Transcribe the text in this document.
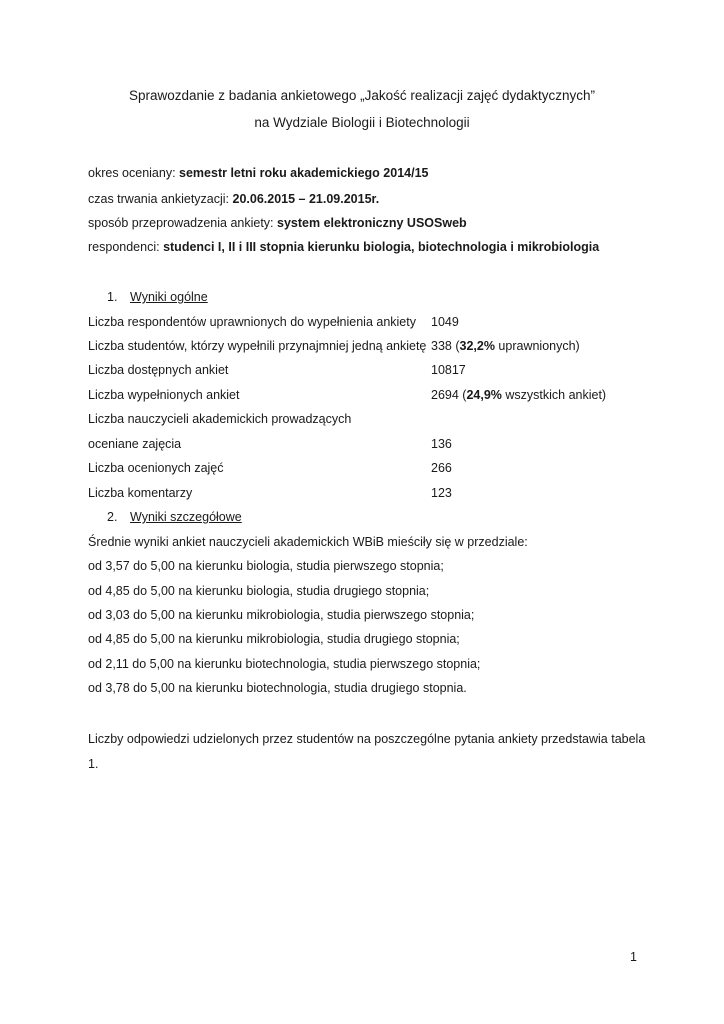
Sprawozdanie z badania ankietowego „Jakość realizacji zajęć dydaktycznych”
na Wydziale Biologii i Biotechnologii
okres oceniany: semestr letni roku akademickiego 2014/15
czas trwania ankietyzacji: 20.06.2015 – 21.09.2015r.
sposób przeprowadzenia ankiety: system elektroniczny USOSweb
respondenci: studenci I, II i III stopnia kierunku biologia, biotechnologia i mikrobiologia
1. Wyniki ogólne
Liczba respondentów uprawnionych do wypełnienia ankiety 1049
Liczba studentów, którzy wypełnili przynajmniej jedną ankietę 338 (32,2% uprawnionych)
Liczba dostępnych ankiet	10817
Liczba wypełnionych ankiet	2694 (24,9% wszystkich ankiet)
Liczba nauczycieli akademickich prowadzących
oceniane zajęcia	136
Liczba ocenionych zajęć	266
Liczba komentarzy	123
2. Wyniki szczegółowe
Średnie wyniki ankiet nauczycieli akademickich WBiB mieściły się w przedziale:
od 3,57 do 5,00 na kierunku biologia, studia pierwszego stopnia;
od 4,85 do 5,00 na kierunku biologia, studia drugiego stopnia;
od 3,03 do 5,00 na kierunku mikrobiologia, studia pierwszego stopnia;
od 4,85 do 5,00 na kierunku mikrobiologia, studia drugiego stopnia;
od 2,11 do 5,00 na kierunku biotechnologia, studia pierwszego stopnia;
od 3,78 do 5,00 na kierunku biotechnologia, studia drugiego stopnia.
Liczby odpowiedzi udzielonych przez studentów na poszczególne pytania ankiety przedstawia tabela
1.
1
